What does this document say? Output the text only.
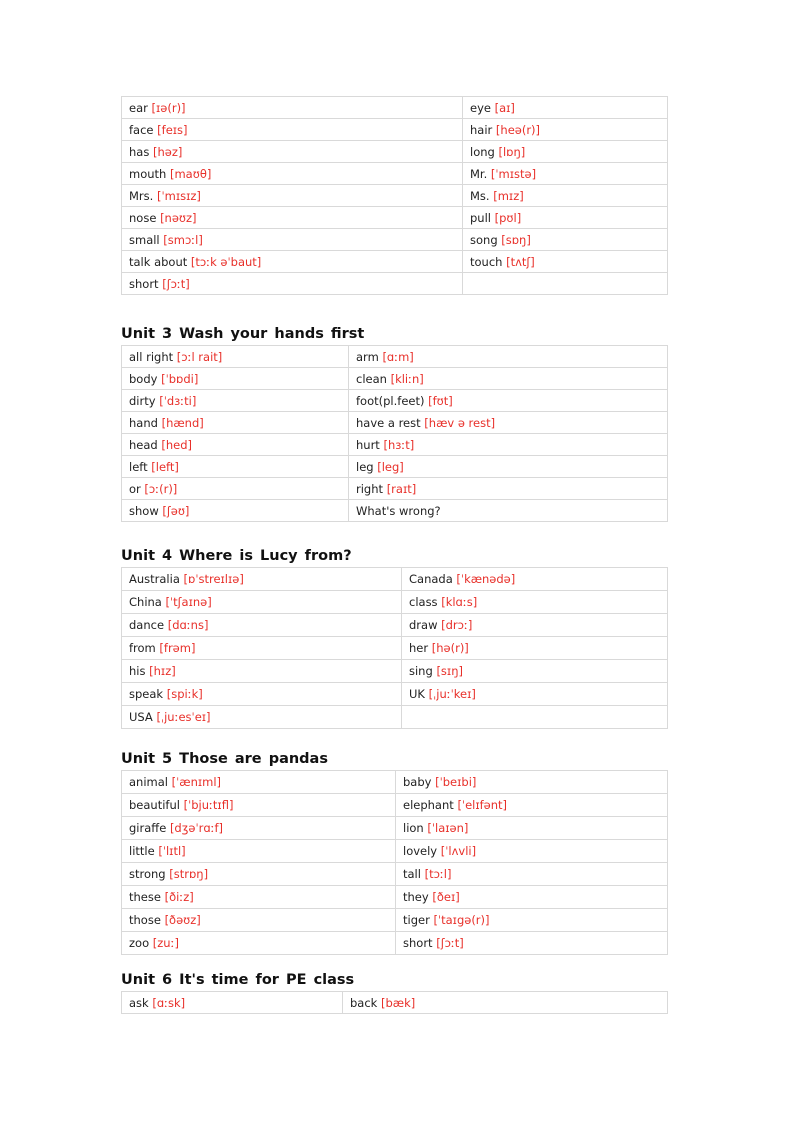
ear [ɪə(r)]	eye [aɪ]
face [feɪs]	hair [heə(r)]
has [həz]	long [lɒŋ]
mouth [maʊθ]	Mr. [ˈmɪstə]
Mrs. [ˈmɪsɪz]	Ms. [mɪz]
nose [nəʊz]	pull [pʊl]
small [smɔːl]	song [sɒŋ]
talk about [tɔːk əˈbaut]	touch [tʌtʃ]
short [ʃɔːt]	
Unit 3 Wash your hands first
all right [ɔːl rait]	arm [ɑːm]
body [ˈbɒdi]	clean [kliːn]
dirty [ˈdɜːti]	foot(pl.feet) [fʊt]
hand [hænd]	have a rest [hæv ə rest]
head [hed]	hurt [hɜːt]
left [left]	leg [leg]
or [ɔː(r)]	right [raɪt]
show [ʃəʊ]	What's wrong?
Unit 4 Where is Lucy from?
Australia [ɒˈstreɪlɪə]	Canada [ˈkænədə]
China [ˈtʃaɪnə]	class [klɑːs]
dance [dɑːns]	draw [drɔː]
from [frəm]	her [hə(r)]
his [hɪz]	sing [sɪŋ]
speak [spiːk]	UK [ˌjuːˈkeɪ]
USA [ˌjuːesˈeɪ]	
Unit 5 Those are pandas
animal [ˈænɪml]	baby [ˈbeɪbi]
beautiful [ˈbjuːtɪfl]	elephant [ˈelɪfənt]
giraffe [dʒəˈrɑːf]	lion [ˈlaɪən]
little [ˈlɪtl]	lovely [ˈlʌvli]
strong [strɒŋ]	tall [tɔːl]
these [ðiːz]	they [ðeɪ]
those [ðəʊz]	tiger [ˈtaɪgə(r)]
zoo [zuː]	short [ʃɔːt]
Unit 6 It's time for PE class
ask [ɑːsk]	back [bæk]
